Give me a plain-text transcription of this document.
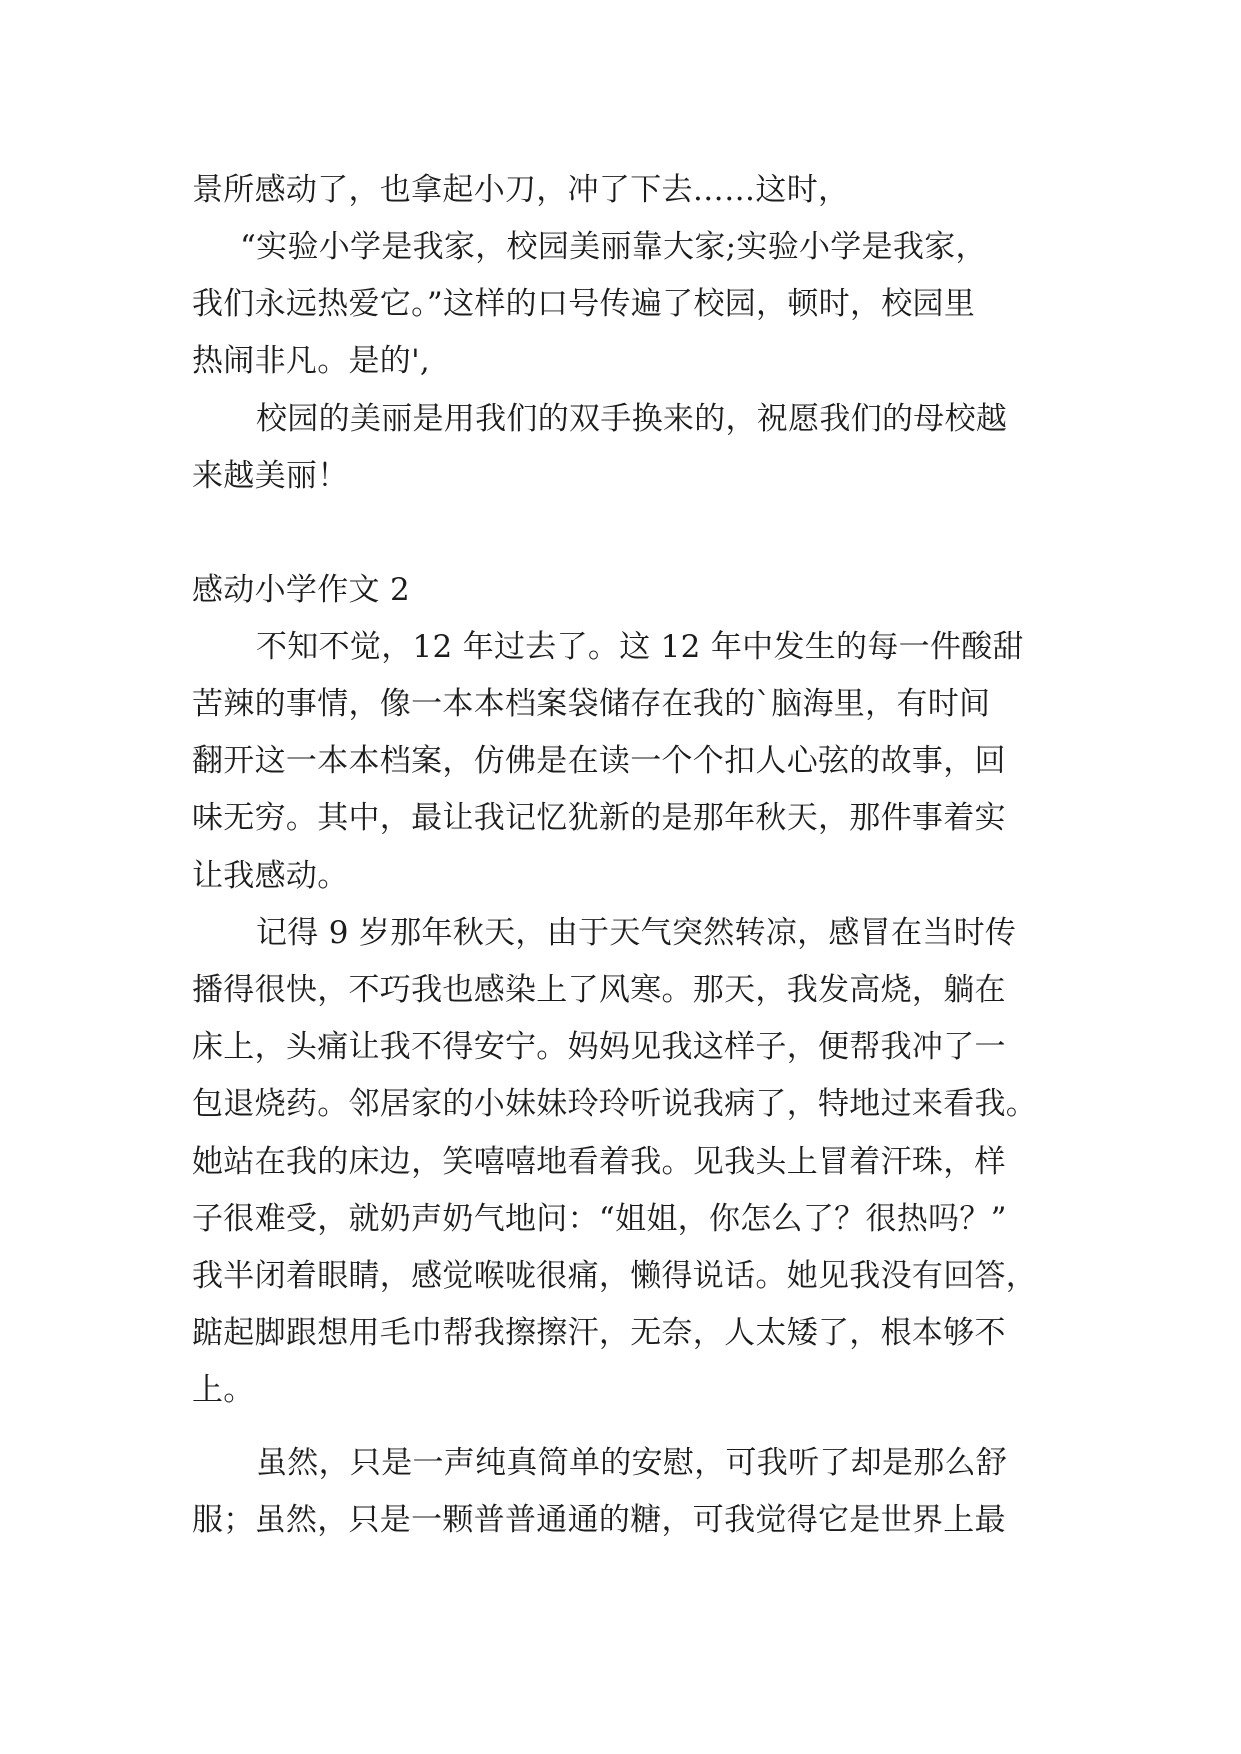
景所感动了，也拿起小刀，冲了下去……这时，
“实验小学是我家，校园美丽靠大家;实验小学是我家，
我们永远热爱它。”这样的口号传遍了校园，顿时，校园里
热闹非凡。是的',
校园的美丽是用我们的双手换来的，祝愿我们的母校越
来越美丽！
感动小学作文 2
不知不觉，12 年过去了。这 12 年中发生的每一件酸甜
苦辣的事情，像一本本档案袋储存在我的`脑海里，有时间
翻开这一本本档案，仿佛是在读一个个扣人心弦的故事，回
味无穷。其中，最让我记忆犹新的是那年秋天，那件事着实
让我感动。
记得 9 岁那年秋天，由于天气突然转凉，感冒在当时传
播得很快，不巧我也感染上了风寒。那天，我发高烧，躺在
床上，头痛让我不得安宁。妈妈见我这样子，便帮我冲了一
包退烧药。邻居家的小妹妹玲玲听说我病了，特地过来看我。
她站在我的床边，笑嘻嘻地看着我。见我头上冒着汗珠，样
子很难受，就奶声奶气地问：“姐姐，你怎么了？很热吗？”
我半闭着眼睛，感觉喉咙很痛，懒得说话。她见我没有回答，
踮起脚跟想用毛巾帮我擦擦汗，无奈，人太矮了，根本够不
上。
虽然，只是一声纯真简单的安慰，可我听了却是那么舒
服；虽然，只是一颗普普通通的糖，可我觉得它是世界上最
